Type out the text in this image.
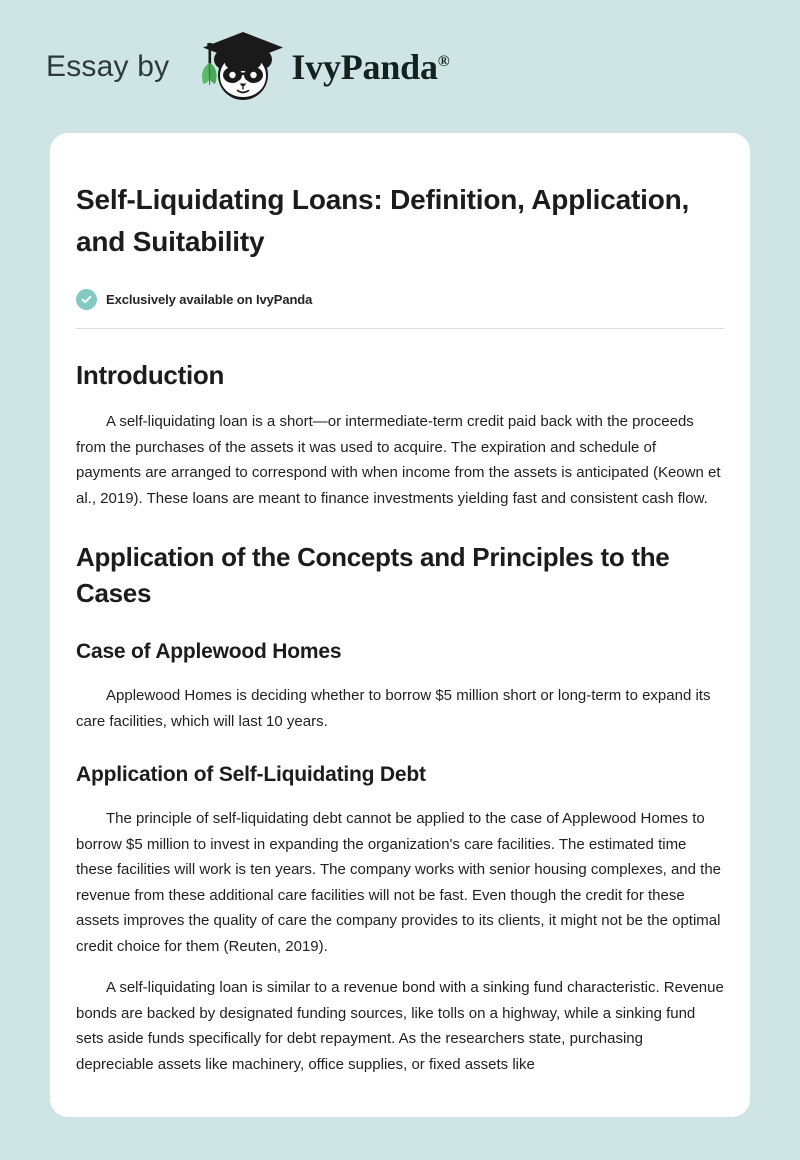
Essay by	IvyPanda®
Self-Liquidating Loans: Definition, Application, and Suitability
Exclusively available on IvyPanda
Introduction

A self-liquidating loan is a short—or intermediate-term credit paid back with the proceeds from the purchases of the assets it was used to acquire. The expiration and schedule of payments are arranged to correspond with when income from the assets is anticipated (Keown et al., 2019). These loans are meant to finance investments yielding fast and consistent cash flow.

Application of the Concepts and Principles to the Cases
Case of Applewood Homes

Applewood Homes is deciding whether to borrow $5 million short or long-term to expand its care facilities, which will last 10 years.

Application of Self-Liquidating Debt

The principle of self-liquidating debt cannot be applied to the case of Applewood Homes to borrow $5 million to invest in expanding the organization's care facilities. The estimated time these facilities will work is ten years. The company works with senior housing complexes, and the revenue from these additional care facilities will not be fast. Even though the credit for these assets improves the quality of care the company provides to its clients, it might not be the optimal credit choice for them (Reuten, 2019).

A self-liquidating loan is similar to a revenue bond with a sinking fund characteristic. Revenue bonds are backed by designated funding sources, like tolls on a highway, while a sinking fund sets aside funds specifically for debt repayment. As the researchers state, purchasing depreciable assets like machinery, office supplies, or fixed assets like
